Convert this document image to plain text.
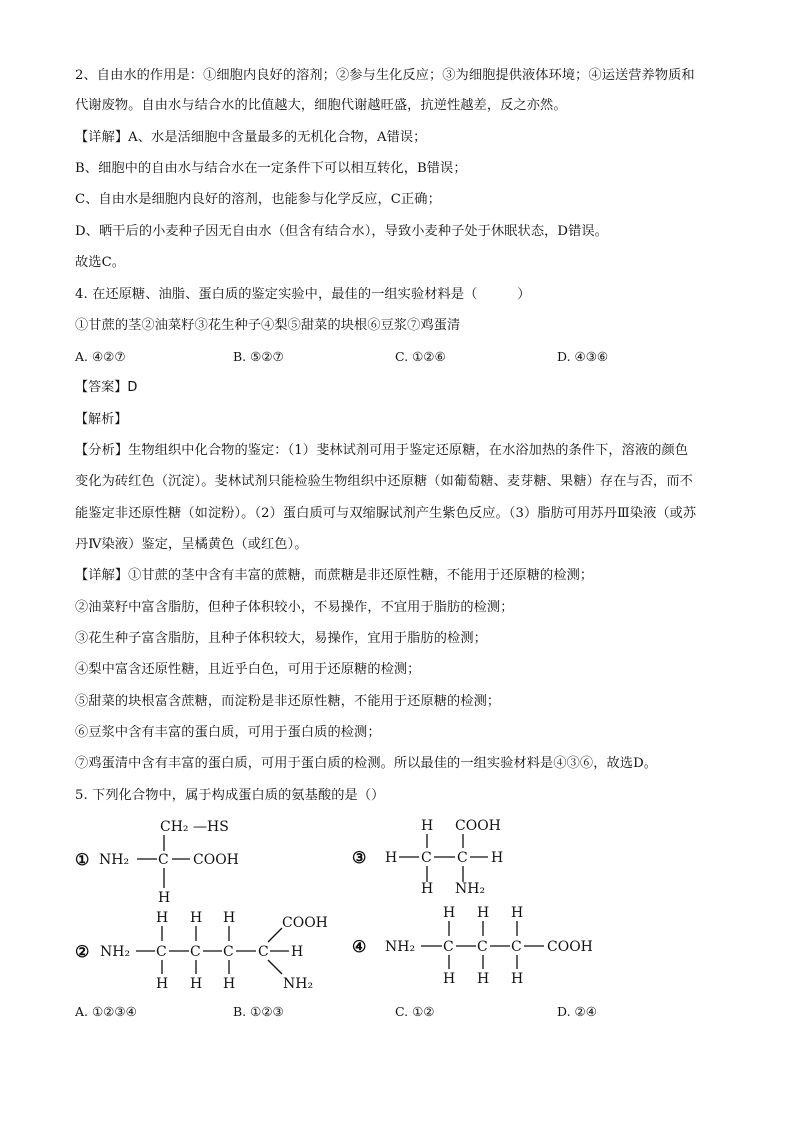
2、自由水的作用是：①细胞内良好的溶剂；②参与生化反应；③为细胞提供液体环境；④运送营养物质和
代谢废物。自由水与结合水的比值越大，细胞代谢越旺盛，抗逆性越差，反之亦然。
【详解】A、水是活细胞中含量最多的无机化合物，A错误；
B、细胞中的自由水与结合水在一定条件下可以相互转化，B错误；
C、自由水是细胞内良好的溶剂，也能参与化学反应，C正确；
D、晒干后的小麦种子因无自由水（但含有结合水），导致小麦种子处于休眠状态，D错误。
故选C。
4. 在还原糖、油脂、蛋白质的鉴定实验中，最佳的一组实验材料是（　　　）
①甘蔗的茎②油菜籽③花生种子④梨⑤甜菜的块根⑥豆浆⑦鸡蛋清
A. ④②⑦	B. ⑤②⑦	C. ①②⑥	D. ④③⑥
【答案】D
【解析】
【分析】生物组织中化合物的鉴定：（1）斐林试剂可用于鉴定还原糖，在水浴加热的条件下，溶液的颜色
变化为砖红色（沉淀）。斐林试剂只能检验生物组织中还原糖（如葡萄糖、麦芽糖、果糖）存在与否，而不
能鉴定非还原性糖（如淀粉）。（2）蛋白质可与双缩脲试剂产生紫色反应。（3）脂肪可用苏丹Ⅲ染液（或苏
丹Ⅳ染液）鉴定，呈橘黄色（或红色）。
【详解】①甘蔗的茎中含有丰富的蔗糖，而蔗糖是非还原性糖，不能用于还原糖的检测；
②油菜籽中富含脂肪，但种子体积较小，不易操作，不宜用于脂肪的检测；
③花生种子富含脂肪，且种子体积较大，易操作，宜用于脂肪的检测；
④梨中富含还原性糖，且近乎白色，可用于还原糖的检测；
⑤甜菜的块根富含蔗糖，而淀粉是非还原性糖，不能用于还原糖的检测；
⑥豆浆中含有丰富的蛋白质，可用于蛋白质的检测；
⑦鸡蛋清中含有丰富的蛋白质，可用于蛋白质的检测。所以最佳的一组实验材料是④③⑥，故选D。
5. 下列化合物中，属于构成蛋白质的氨基酸的是（）
①
②
③
④
CH₂ —HS
NH₂ C COOH
H
H COOH
H C C H
H NH₂
NH₂
H H H	COOH
C C C C H
H H H	NH₂
NH₂
H H H
C C C COOH
H H H
A. ①②③④	B. ①②③	C. ①②	D. ②④
